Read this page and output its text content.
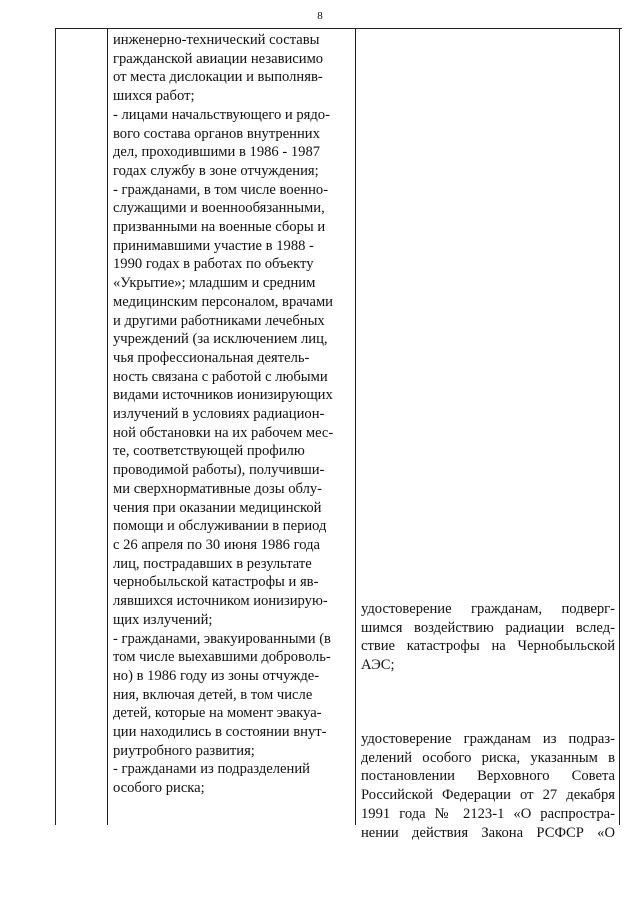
8

инженерно-технический составы

гражданской авиации независимо

от места дислокации и выполняв-

шихся работ;

- лицами начальствующего и рядо-

вого состава органов внутренних

дел, проходившими в 1986 - 1987

годах службу в зоне отчуждения;

- гражданами, в том числе военно-

служащими и военнообязанными,

призванными на военные сборы и

принимавшими участие в 1988 -

1990 годах в работах по объекту

«Укрытие»; младшим и средним

медицинским персоналом, врачами

и другими работниками лечебных

учреждений (за исключением лиц,

чья профессиональная деятель-

ность связана с работой с любыми

видами источников ионизирующих

излучений в условиях радиацион-

ной обстановки на их рабочем мес-

те, соответствующей профилю

проводимой работы), получивши-

ми сверхнормативные дозы облу-

чения при оказании медицинской

помощи и обслуживании в период

с 26 апреля по 30 июня 1986 года

лиц, пострадавших в результате

чернобыльской катастрофы и яв-

лявшихся источником ионизирую-

щих излучений;

- гражданами, эвакуированными (в

том числе выехавшими доброволь-

но) в 1986 году из зоны отчужде-

ния, включая детей, в том числе

детей, которые на момент эвакуа-

ции находились в состоянии внут-

риутробного развития;

- гражданами из подразделений

особого риска;

удостоверение гражданам, подверг-

шимся воздействию радиации вслед-

ствие катастрофы на Чернобыльской

АЭС;

удостоверение гражданам из подраз-

делений особого риска, указанным в

постановлении Верховного Совета

Российской Федерации от 27 декабря

1991 года № 2123-1 «О распростра-

нении действия Закона РСФСР «О
